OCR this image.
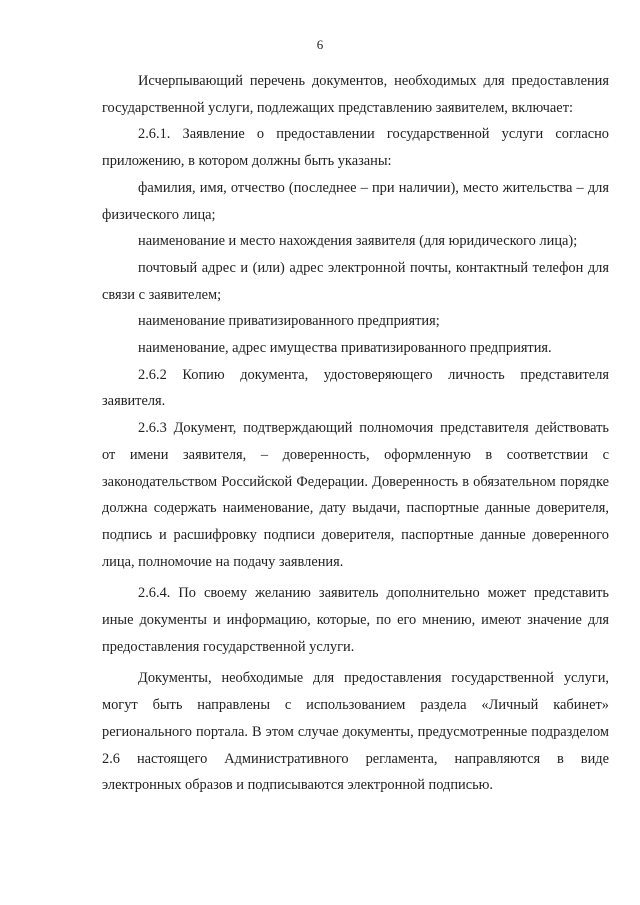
6

Исчерпывающий перечень документов, необходимых для предоставления государственной услуги, подлежащих представлению заявителем, включает:

2.6.1. Заявление о предоставлении государственной услуги согласно приложению, в котором должны быть указаны:

фамилия, имя, отчество (последнее – при наличии), место жительства – для физического лица;

наименование и место нахождения заявителя (для юридического лица);

почтовый адрес и (или) адрес электронной почты, контактный телефон для связи с заявителем;

наименование приватизированного предприятия;

наименование, адрес имущества приватизированного предприятия.

2.6.2 Копию документа, удостоверяющего личность представителя заявителя.

2.6.3 Документ, подтверждающий полномочия представителя действовать от имени заявителя, – доверенность, оформленную в соответствии с законодательством Российской Федерации. Доверенность в обязательном порядке должна содержать наименование, дату выдачи, паспортные данные доверителя, подпись и расшифровку подписи доверителя, паспортные данные доверенного лица, полномочие на подачу заявления.

2.6.4. По своему желанию заявитель дополнительно может представить иные документы и информацию, которые, по его мнению, имеют значение для предоставления государственной услуги.

Документы, необходимые для предоставления государственной услуги, могут быть направлены с использованием раздела «Личный кабинет» регионального портала. В этом случае документы, предусмотренные подразделом 2.6 настоящего Административного регламента, направляются в виде электронных образов и подписываются электронной подписью.
